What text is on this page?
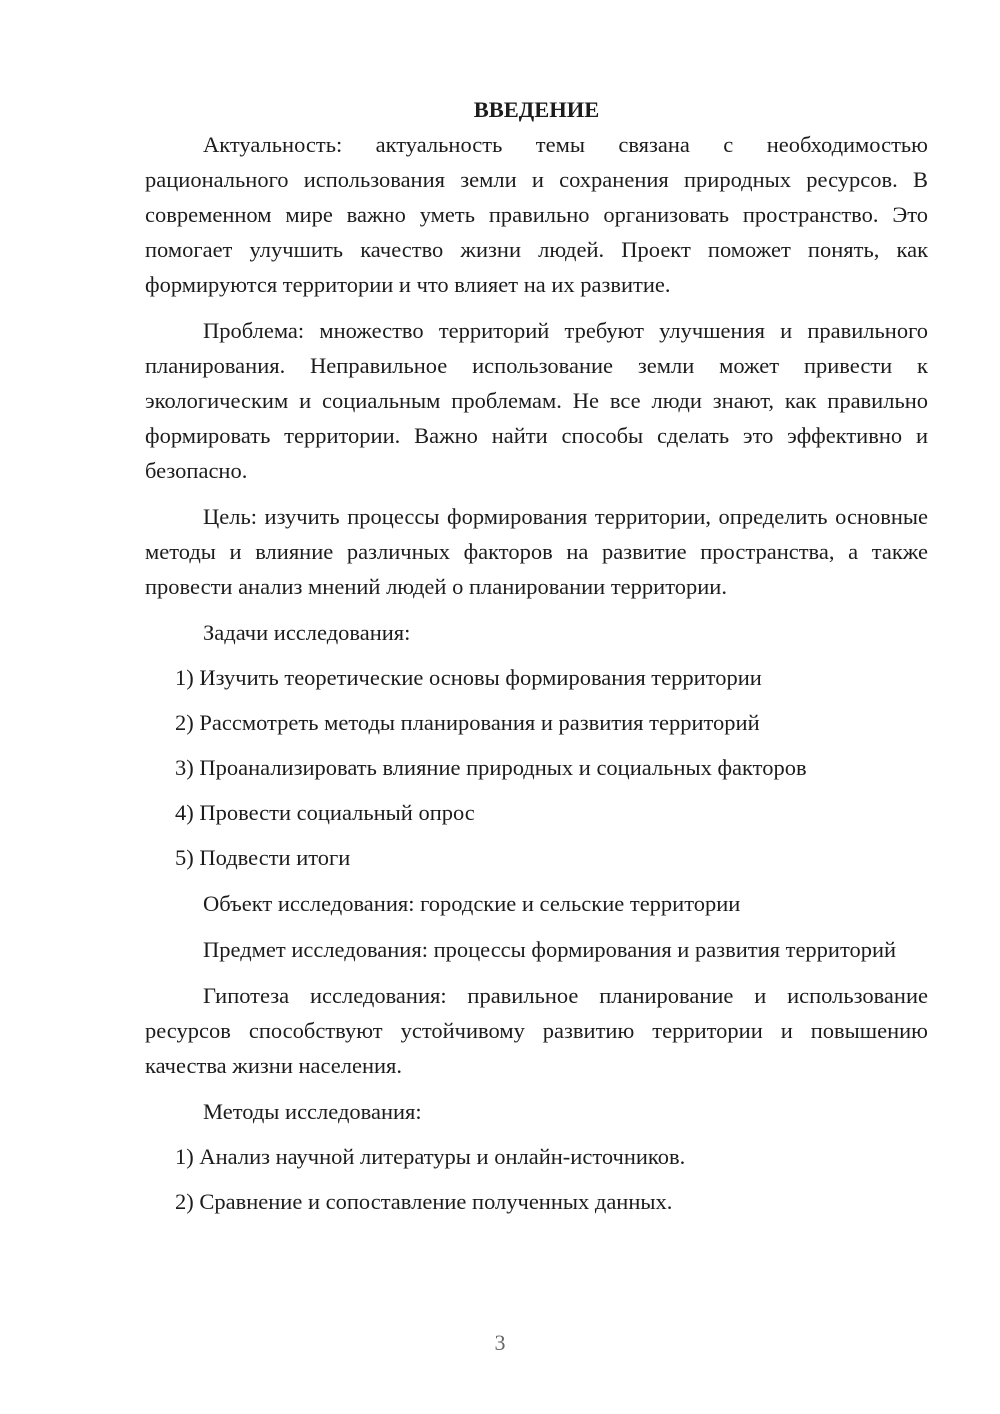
ВВЕДЕНИЕ

Актуальность: актуальность темы связана с необходимостью рационального использования земли и сохранения природных ресурсов. В современном мире важно уметь правильно организовать пространство. Это помогает улучшить качество жизни людей. Проект поможет понять, как формируются территории и что влияет на их развитие.

Проблема: множество территорий требуют улучшения и правильного планирования. Неправильное использование земли может привести к экологическим и социальным проблемам. Не все люди знают, как правильно формировать территории. Важно найти способы сделать это эффективно и безопасно.

Цель: изучить процессы формирования территории, определить основные методы и влияние различных факторов на развитие пространства, а также провести анализ мнений людей о планировании территории.

Задачи исследования:

1) Изучить теоретические основы формирования территории

2) Рассмотреть методы планирования и развития территорий

3) Проанализировать влияние природных и социальных факторов

4) Провести социальный опрос

5) Подвести итоги

Объект исследования: городские и сельские территории

Предмет исследования: процессы формирования и развития территорий

Гипотеза исследования: правильное планирование и использование ресурсов способствуют устойчивому развитию территории и повышению качества жизни населения.

Методы исследования:

1) Анализ научной литературы и онлайн-источников.

2) Сравнение и сопоставление полученных данных.

3
